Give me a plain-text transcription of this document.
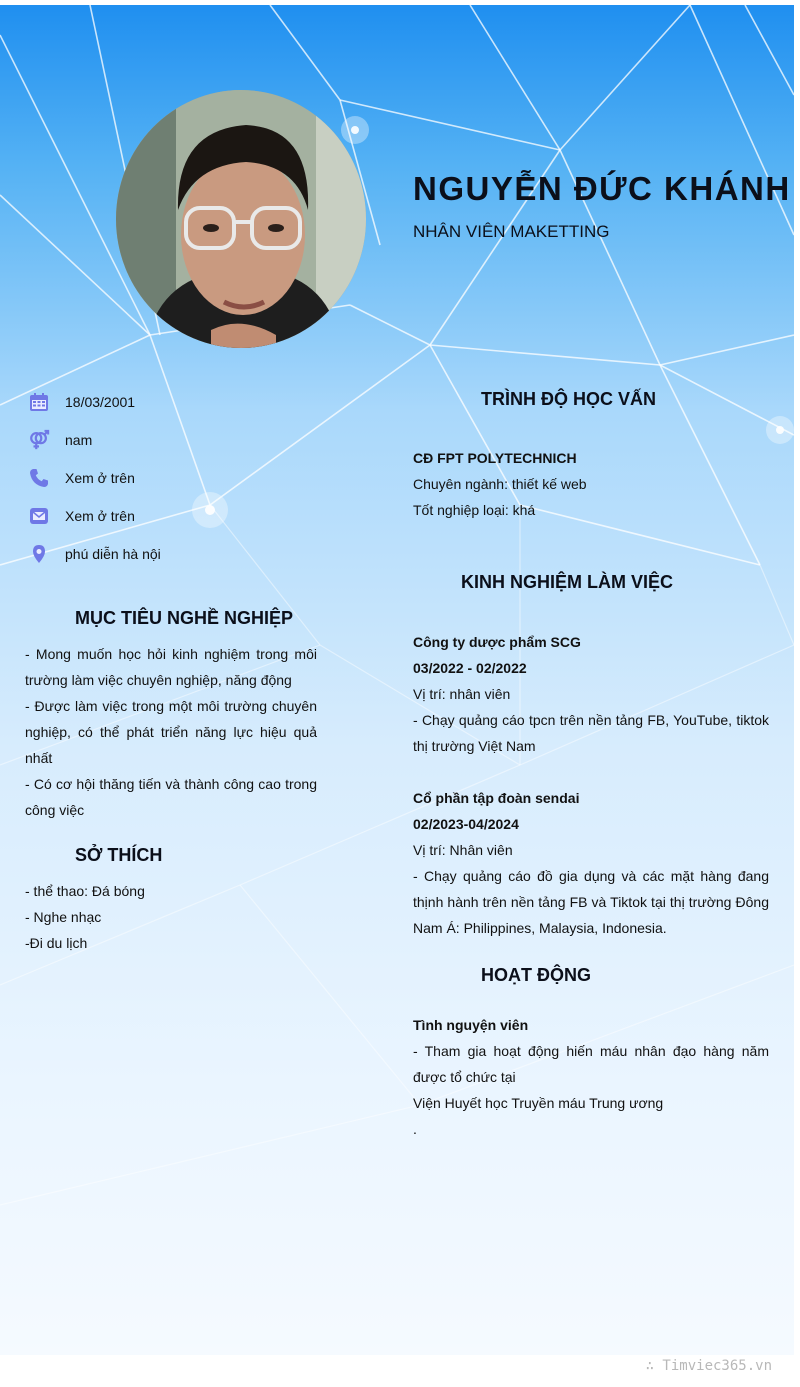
NGUYỄN ĐỨC KHÁNH
NHÂN VIÊN MAKETTING
18/03/2001
nam
Xem ở trên
Xem ở trên
phú diễn hà nội
MỤC TIÊU NGHỀ NGHIỆP
- Mong muốn học hỏi kinh nghiệm trong môi trường làm việc chuyên nghiệp, năng động
- Được làm việc trong một môi trường chuyên nghiệp, có thể phát triển năng lực hiệu quả nhất
- Có cơ hội thăng tiến và thành công cao trong công việc
SỞ THÍCH
- thể thao: Đá bóng
- Nghe nhạc
-Đi du lịch
TRÌNH ĐỘ HỌC VẤN
CĐ FPT POLYTECHNICH
Chuyên ngành: thiết kế web
Tốt nghiệp loại: khá
KINH NGHIỆM LÀM VIỆC
Công ty dược phẩm SCG
03/2022 - 02/2022
Vị trí: nhân viên
- Chạy quảng cáo tpcn trên nền tảng FB, YouTube, tiktok thị trường Việt Nam
Cổ phần tập đoàn sendai
02/2023-04/2024
Vị trí: Nhân viên
- Chạy quảng cáo đồ gia dụng và các mặt hàng đang thịnh hành trên nền tảng FB và Tiktok tại thị trường Đông Nam Á: Philippines, Malaysia, Indonesia.
HOẠT ĐỘNG
Tình nguyện viên
- Tham gia hoạt động hiến máu nhân đạo hàng năm được tổ chức tại
Viện Huyết học Truyền máu Trung ương
.
∴ Timviec365.vn
